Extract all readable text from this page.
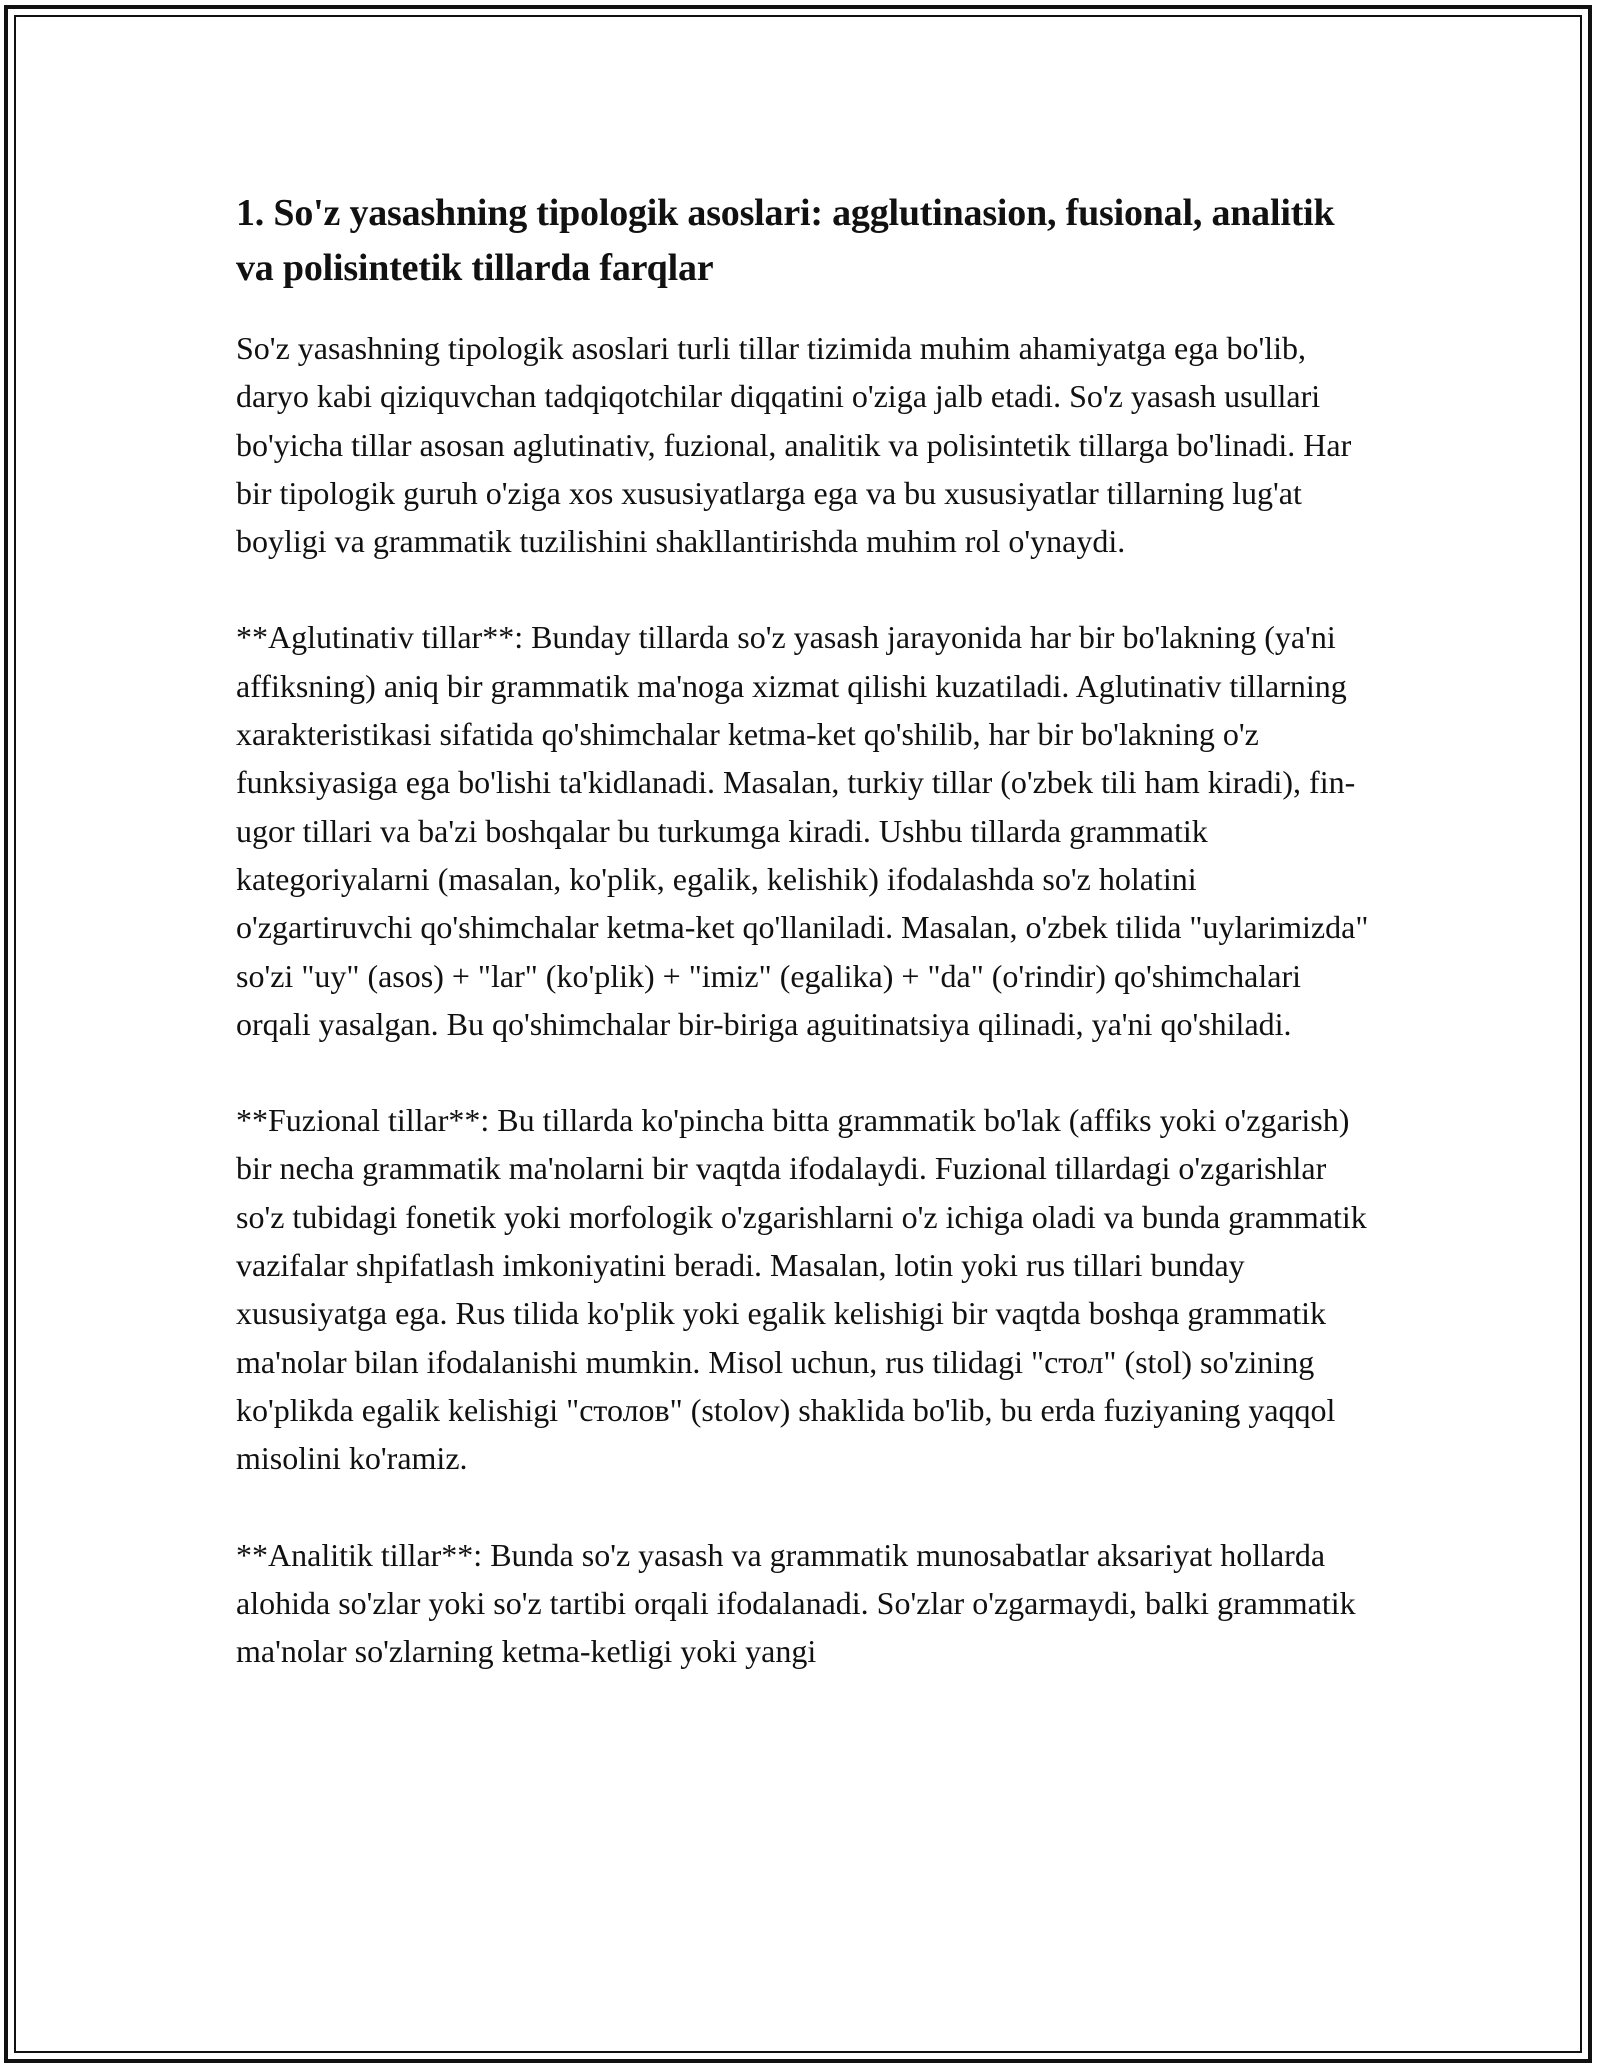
1. So'z yasashning tipologik asoslari: agglutinasion, fusional, analitik va polisintetik tillarda farqlar

So'z yasashning tipologik asoslari turli tillar tizimida muhim ahamiyatga ega bo'lib, daryo kabi qiziquvchan tadqiqotchilar diqqatini o'ziga jalb etadi. So'z yasash usullari bo'yicha tillar asosan aglutinativ, fuzional, analitik va polisintetik tillarga bo'linadi. Har bir tipologik guruh o'ziga xos xususiyatlarga ega va bu xususiyatlar tillarning lug'at boyligi va grammatik tuzilishini shakllantirishda muhim rol o'ynaydi.

**Aglutinativ tillar**: Bunday tillarda so'z yasash jarayonida har bir bo'lakning (ya'ni affiksning) aniq bir grammatik ma'noga xizmat qilishi kuzatiladi. Aglutinativ tillarning xarakteristikasi sifatida qo'shimchalar ketma-ket qo'shilib, har bir bo'lakning o'z funksiyasiga ega bo'lishi ta'kidlanadi. Masalan, turkiy tillar (o'zbek tili ham kiradi), fin-ugor tillari va ba'zi boshqalar bu turkumga kiradi. Ushbu tillarda grammatik kategoriyalarni (masalan, ko'plik, egalik, kelishik) ifodalashda so'z holatini o'zgartiruvchi qo'shimchalar ketma-ket qo'llaniladi. Masalan, o'zbek tilida "uylarimizda" so'zi "uy" (asos) + "lar" (ko'plik) + "imiz" (egalika) + "da" (o'rindir) qo'shimchalari orqali yasalgan. Bu qo'shimchalar bir-biriga aguitinatsiya qilinadi, ya'ni qo'shiladi.

**Fuzional tillar**: Bu tillarda ko'pincha bitta grammatik bo'lak (affiks yoki o'zgarish) bir necha grammatik ma'nolarni bir vaqtda ifodalaydi. Fuzional tillardagi o'zgarishlar so'z tubidagi fonetik yoki morfologik o'zgarishlarni o'z ichiga oladi va bunda grammatik vazifalar shpifatlash imkoniyatini beradi. Masalan, lotin yoki rus tillari bunday xususiyatga ega. Rus tilida ko'plik yoki egalik kelishigi bir vaqtda boshqa grammatik ma'nolar bilan ifodalanishi mumkin. Misol uchun, rus tilidagi "стол" (stol) so'zining ko'plikda egalik kelishigi "столов" (stolov) shaklida bo'lib, bu erda fuziyaning yaqqol misolini ko'ramiz.

**Analitik tillar**: Bunda so'z yasash va grammatik munosabatlar aksariyat hollarda alohida so'zlar yoki so'z tartibi orqali ifodalanadi. So'zlar o'zgarmaydi, balki grammatik ma'nolar so'zlarning ketma-ketligi yoki yangi
